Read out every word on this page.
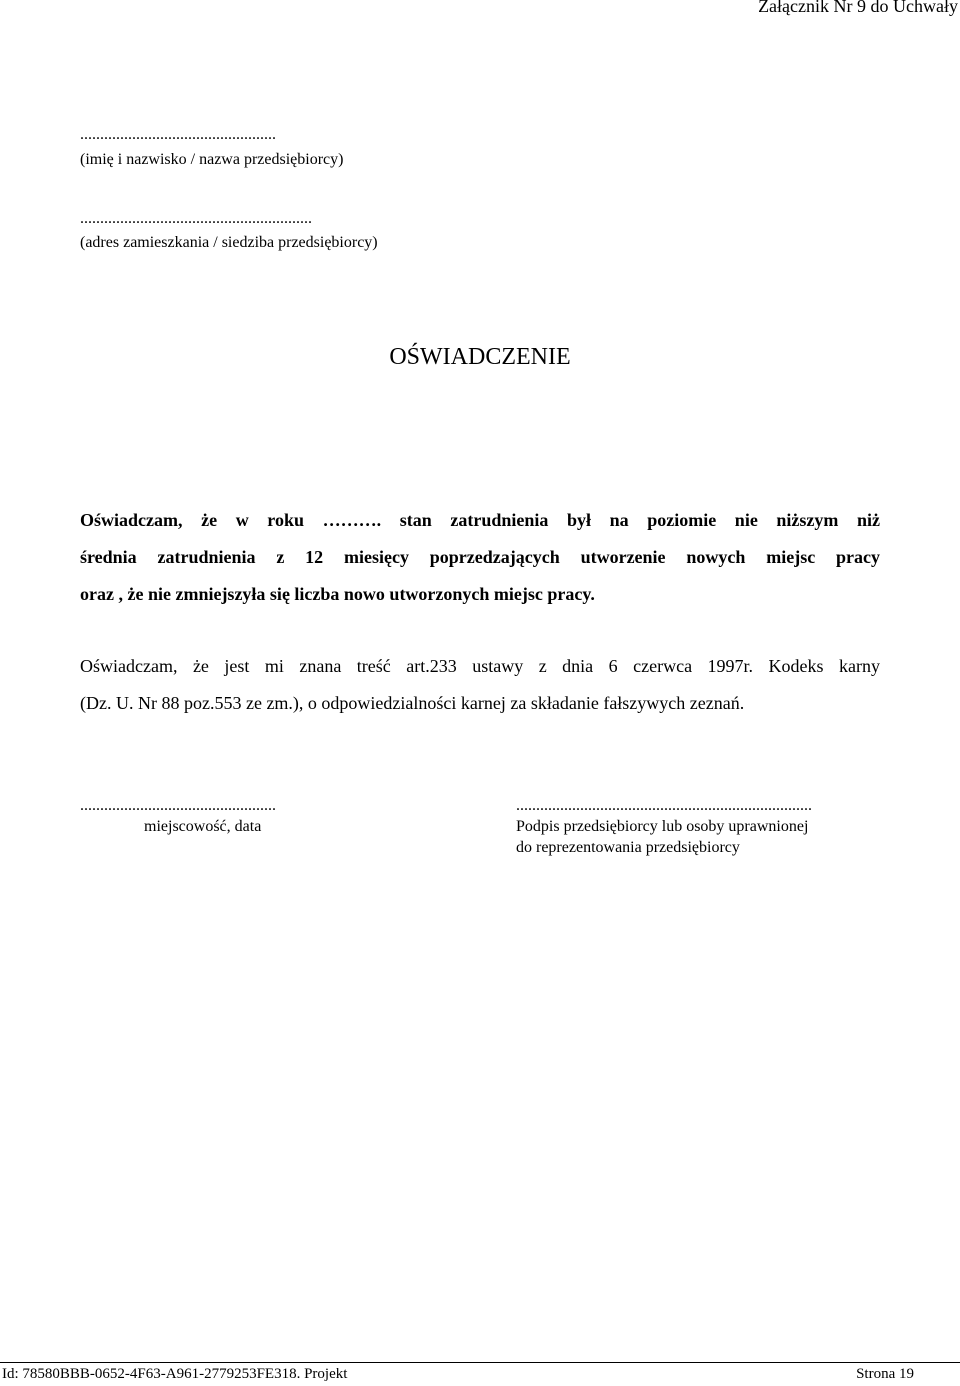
Załącznik Nr 9 do Uchwały
.................................................
(imię i nazwisko / nazwa przedsiębiorcy)
..........................................................
(adres zamieszkania / siedziba przedsiębiorcy)
OŚWIADCZENIE
Oświadczam, że w roku ………. stan zatrudnienia był na poziomie nie niższym niż
średnia zatrudnienia z 12 miesięcy poprzedzających utworzenie nowych miejsc pracy
oraz , że nie zmniejszyła się liczba nowo utworzonych miejsc pracy.
Oświadczam, że jest mi znana treść art.233 ustawy z dnia 6 czerwca 1997r. Kodeks karny
(Dz. U. Nr 88 poz.553 ze zm.), o odpowiedzialności karnej za składanie fałszywych zeznań.
.................................................
miejscowość, data
..........................................................................
Podpis przedsiębiorcy lub osoby uprawnionej
do reprezentowania przedsiębiorcy
Id: 78580BBB-0652-4F63-A961-2779253FE318. Projekt	Strona 19
